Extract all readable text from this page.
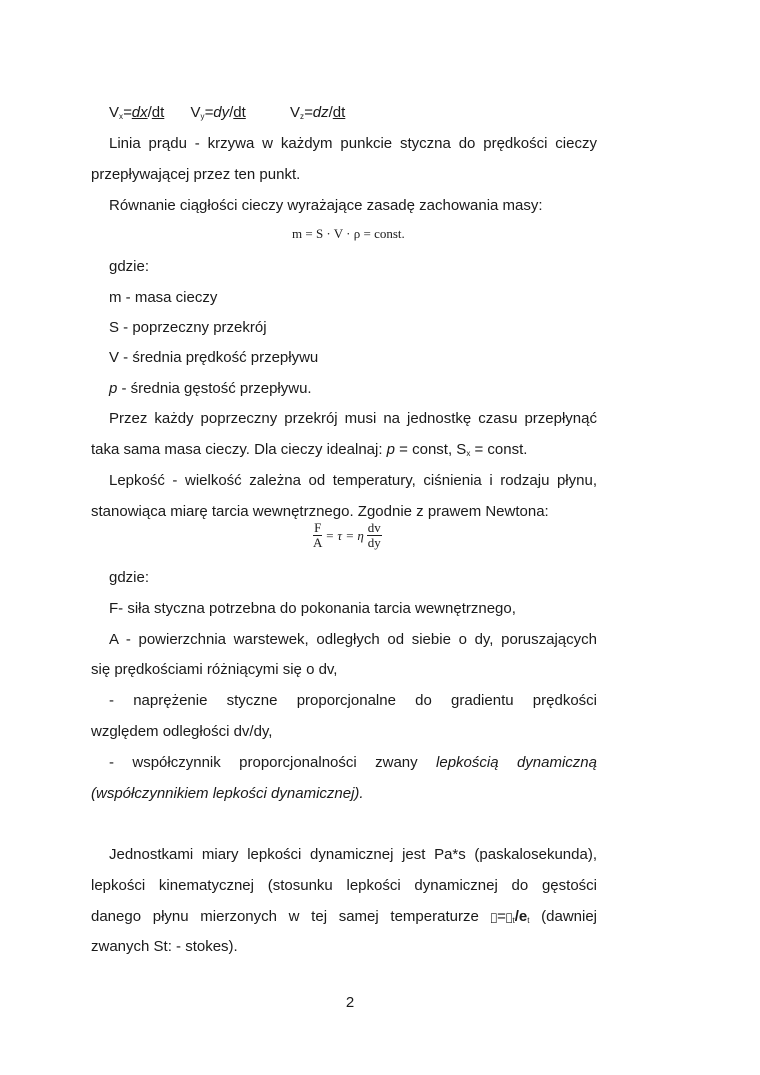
$V_x=dx/dt$ $V_y=dy/dt$	$V_z=dz/dt$
Linia prądu - krzywa w każdym punkcie styczna do prędkości cieczy
przepływającej przez ten punkt.
Równanie ciągłości cieczy wyrażające zasadę zachowania masy:
m = S · V · ρ = const.
gdzie:
m - masa cieczy
S - poprzeczny przekrój
V - średnia prędkość przepływu
p - średnia gęstość przepływu.
Przez każdy poprzeczny przekrój musi na jednostkę czasu przepłynąć
taka sama masa cieczy. Dla cieczy idealnaj: p = const, $S_x$ = const.
Lepkość - wielkość zależna od temperatury, ciśnienia i rodzaju płynu,
stanowiąca miarę tarcia wewnętrznego. Zgodnie z prawem Newtona:
$\frac{F}{A} = \tau = \eta \frac{dv}{dy}$
gdzie:
F- siła styczna potrzebna do pokonania tarcia wewnętrznego,
A - powierzchnia warstewek, odległych od siebie o dy, poruszających
się prędkościami różniącymi się o dv,
- naprężenie styczne proporcjonalne do gradientu prędkości
względem odległości dv/dy,
- współczynnik proporcjonalności zwany lepkością dynamiczną
(współczynnikiem lepkości dynamicznej).
Jednostkami miary lepkości dynamicznej jest Pa*s (paskalosekunda),
lepkości kinematycznej (stosunku lepkości dynamicznej do gęstości
danego płynu mierzonych w tej samej temperaturze = $_t/e_t$ (dawniej
zwanych St: - stokes).
2
